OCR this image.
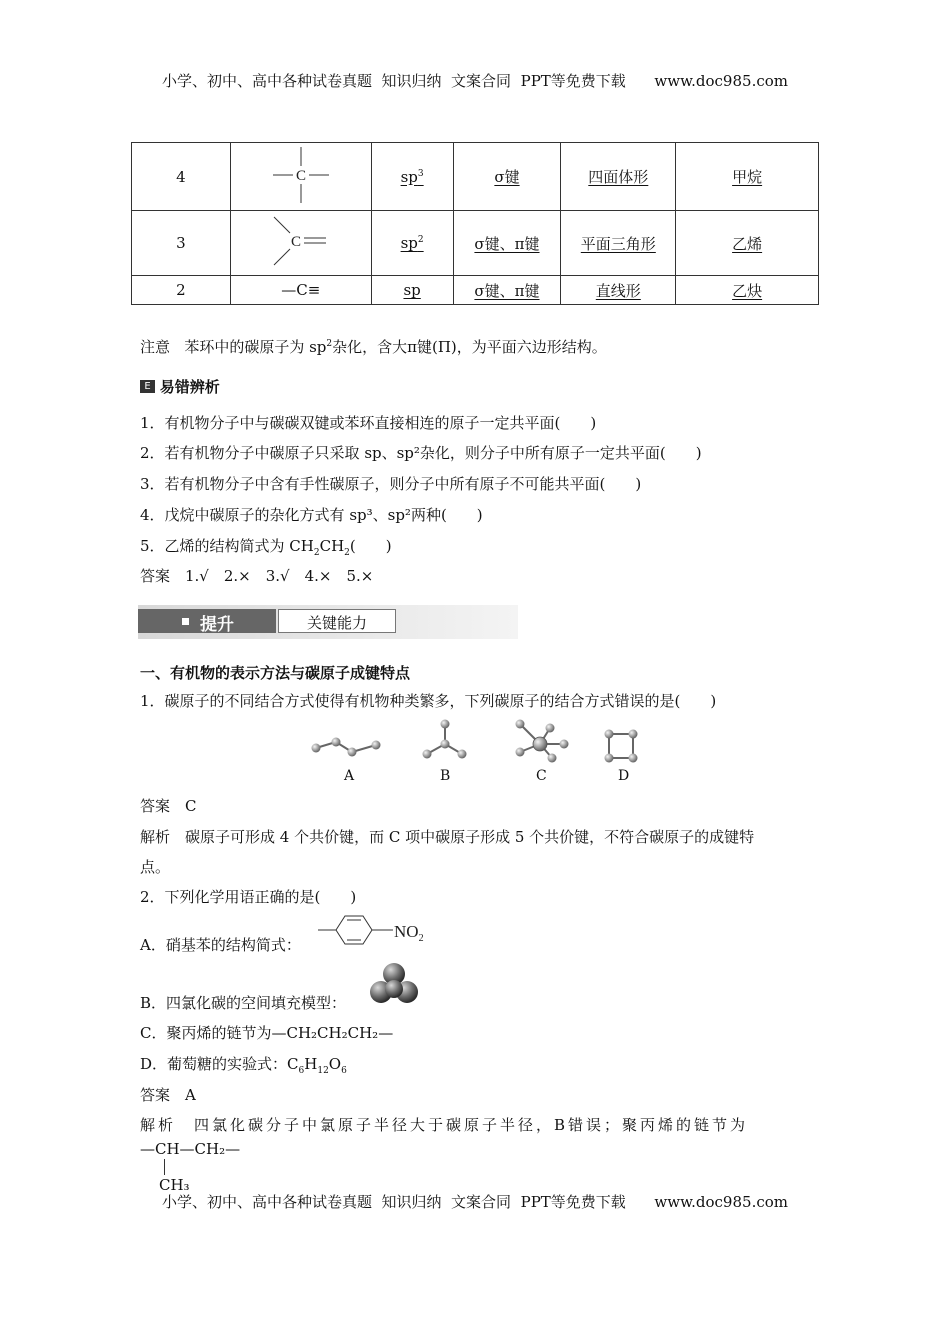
小学、初中、高中各种试卷真题  知识归纳  文案合同  PPT等免费下载      www.doc985.com
4	C	$sp^3$	σ键	四面体形	甲烷
3	C	$sp^2$	σ键、π键	平面三角形	乙烯
2	—C≡	sp	σ键、π键	直线形	乙炔
注意 苯环中的碳原子为 $sp^2$杂化，含大π键(Π)，为平面六边形结构。
E 易错辨析
1．有机物分子中与碳碳双键或苯环直接相连的原子一定共平面(　　)
2．若有机物分子中碳原子只采取 sp、sp²杂化，则分子中所有原子一定共平面(　　)
3．若有机物分子中含有手性碳原子，则分子中所有原子不可能共平面(　　)
4．戊烷中碳原子的杂化方式有 sp³、sp²两种(　　)
5．乙烯的结构简式为 $CH_2CH_2$(　　)
答案　1.√　2.×　3.√　4.×　5.×
提升	关键能力
一、有机物的表示方法与碳原子成键特点
1．碳原子的不同结合方式使得有机物种类繁多，下列碳原子的结合方式错误的是(　　)
A	B	C	D
答案　C
解析　碳原子可形成 4 个共价键，而 C 项中碳原子形成 5 个共价键，不符合碳原子的成键特
点。
2．下列化学用语正确的是(　　)
A．硝基苯的结构简式：
$NO_2$
B．四氯化碳的空间填充模型：
C．聚丙烯的链节为—CH₂CH₂CH₂—
D．葡萄糖的实验式：$C_6H_{12}O_6$
答案　A
解析　四氯化碳分子中氯原子半径大于碳原子半径，B错误；聚丙烯的链节为
—CH—CH₂—
CH₃
小学、初中、高中各种试卷真题  知识归纳  文案合同  PPT等免费下载      www.doc985.com
